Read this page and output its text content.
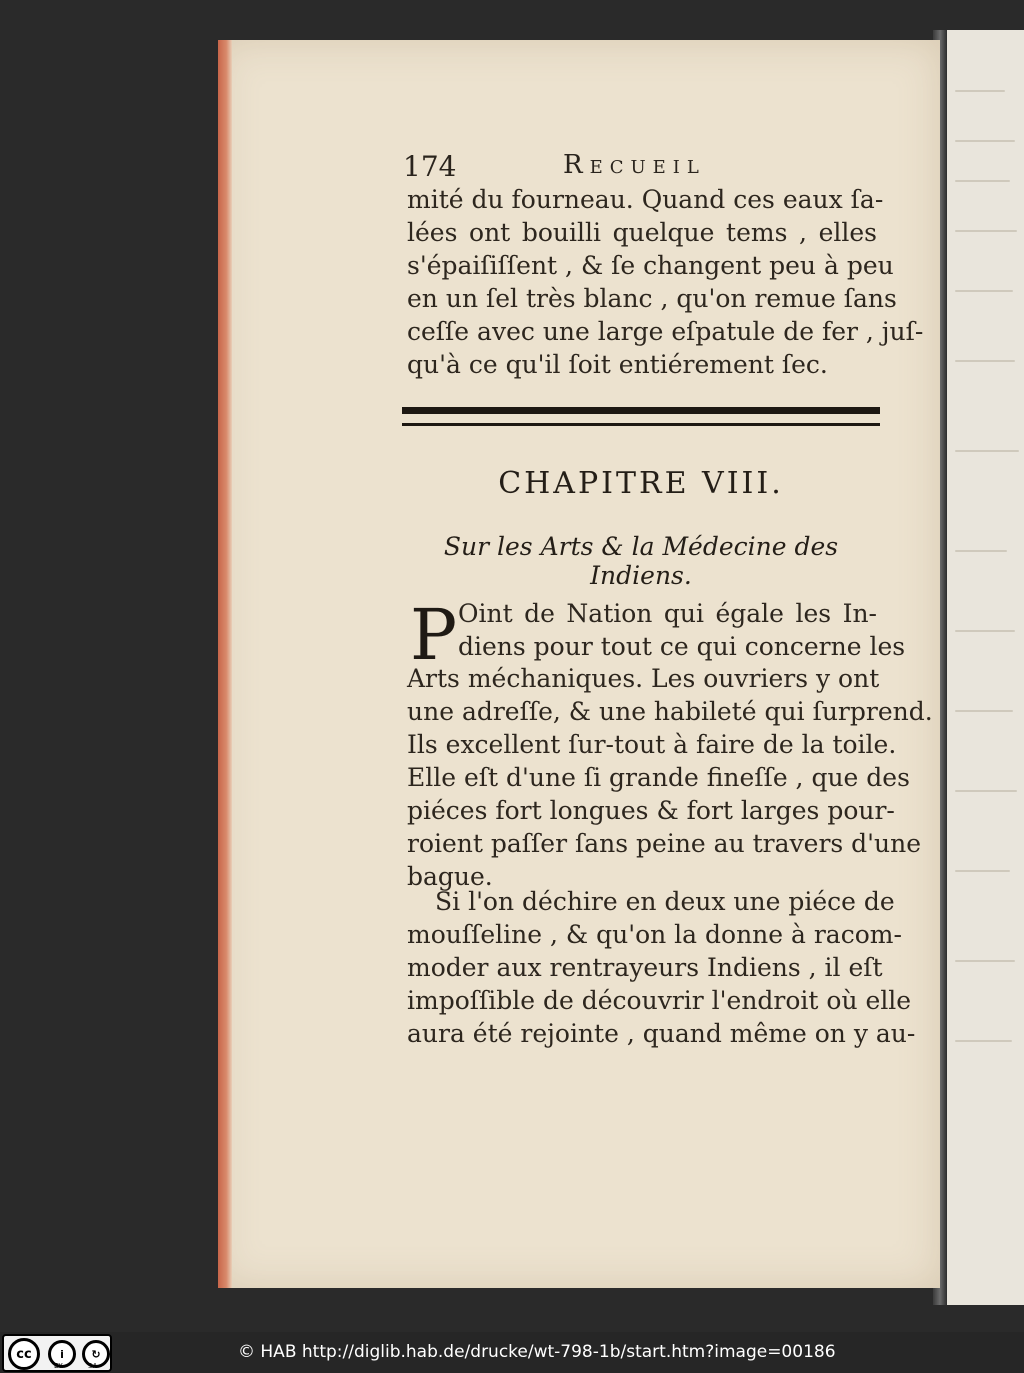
174	Recueil
mité du fourneau. Quand ces eaux ſa-
lées ont bouilli quelque tems , elles
s'épaiſiſſent , & ſe changent peu à peu
en un ſel très blanc , qu'on remue ſans
ceſſe avec une large eſpatule de fer , juſ-
qu'à ce qu'il ſoit entiérement ſec.
CHAPITRE VIII.
Sur les Arts & la Médecine des Indiens.
P Oint de Nation qui égale les In-
diens pour tout ce qui concerne les
Arts méchaniques. Les ouvriers y ont
une adreſſe, & une habileté qui ſurprend.
Ils excellent ſur-tout à faire de la toile.
Elle eſt d'une ſi grande fineſſe , que des
piéces fort longues & fort larges pour-
roient paſſer ſans peine au travers d'une
bague.
Si l'on déchire en deux une piéce de
mouſſeline , & qu'on la donne à racom-
moder aux rentrayeurs Indiens , il eſt
impoſſible de découvrir l'endroit où elle
aura été rejointe , quand même on y au-
cc	i	↻
BY	SA
© HAB http://diglib.hab.de/drucke/wt-798-1b/start.htm?image=00186
